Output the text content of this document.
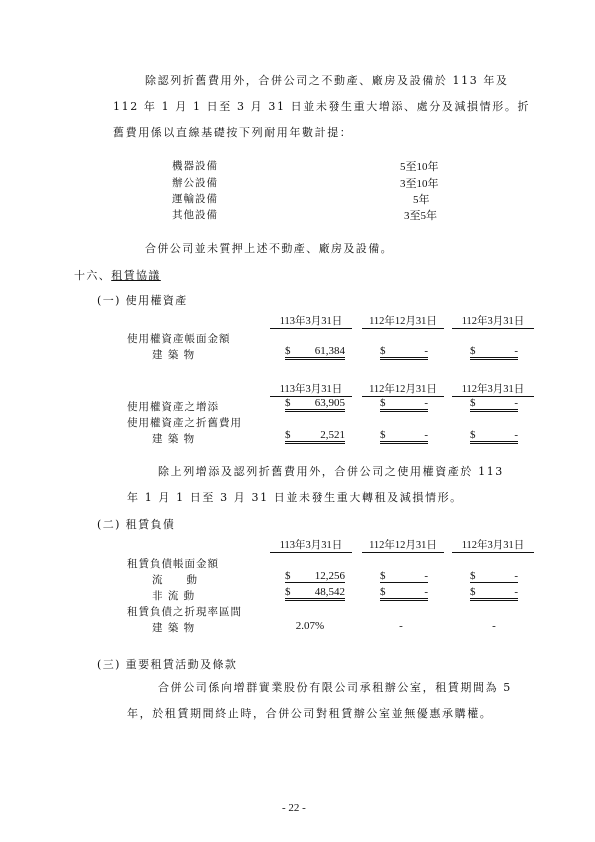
除認列折舊費用外，合併公司之不動產、廠房及設備於 113 年及
112 年 1 月 1 日至 3 月 31 日並未發生重大增添、處分及減損情形。折
舊費用係以直線基礎按下列耐用年數計提：
機器設備	5至10年
辦公設備	3至10年
運輸設備	5年
其他設備	3至5年
合併公司並未質押上述不動產、廠房及設備。
十六、租賃協議
(一) 使用權資產
113年3月31日	112年12月31日	112年3月31日
使用權資產帳面金額
建 築 物	$ 61,384	$	-	$	-
113年3月31日	112年12月31日	112年3月31日
使用權資產之增添	$ 63,905	$	-	$	-
使用權資產之折舊費用
建 築 物	$	2,521	$	-	$	-
除上列增添及認列折舊費用外，合併公司之使用權資產於 113
年 1 月 1 日至 3 月 31 日並未發生重大轉租及減損情形。
(二) 租賃負債
113年3月31日	112年12月31日	112年3月31日
租賃負債帳面金額
流　　動	$ 12,256	$	-	$	-
非 流 動	$ 48,542	$	-	$	-
租賃負債之折現率區間
建 築 物	2.07%	-	-
(三) 重要租賃活動及條款
合併公司係向增群實業股份有限公司承租辦公室，租賃期間為 5
年，於租賃期間終止時，合併公司對租賃辦公室並無優惠承購權。
- 22 -
